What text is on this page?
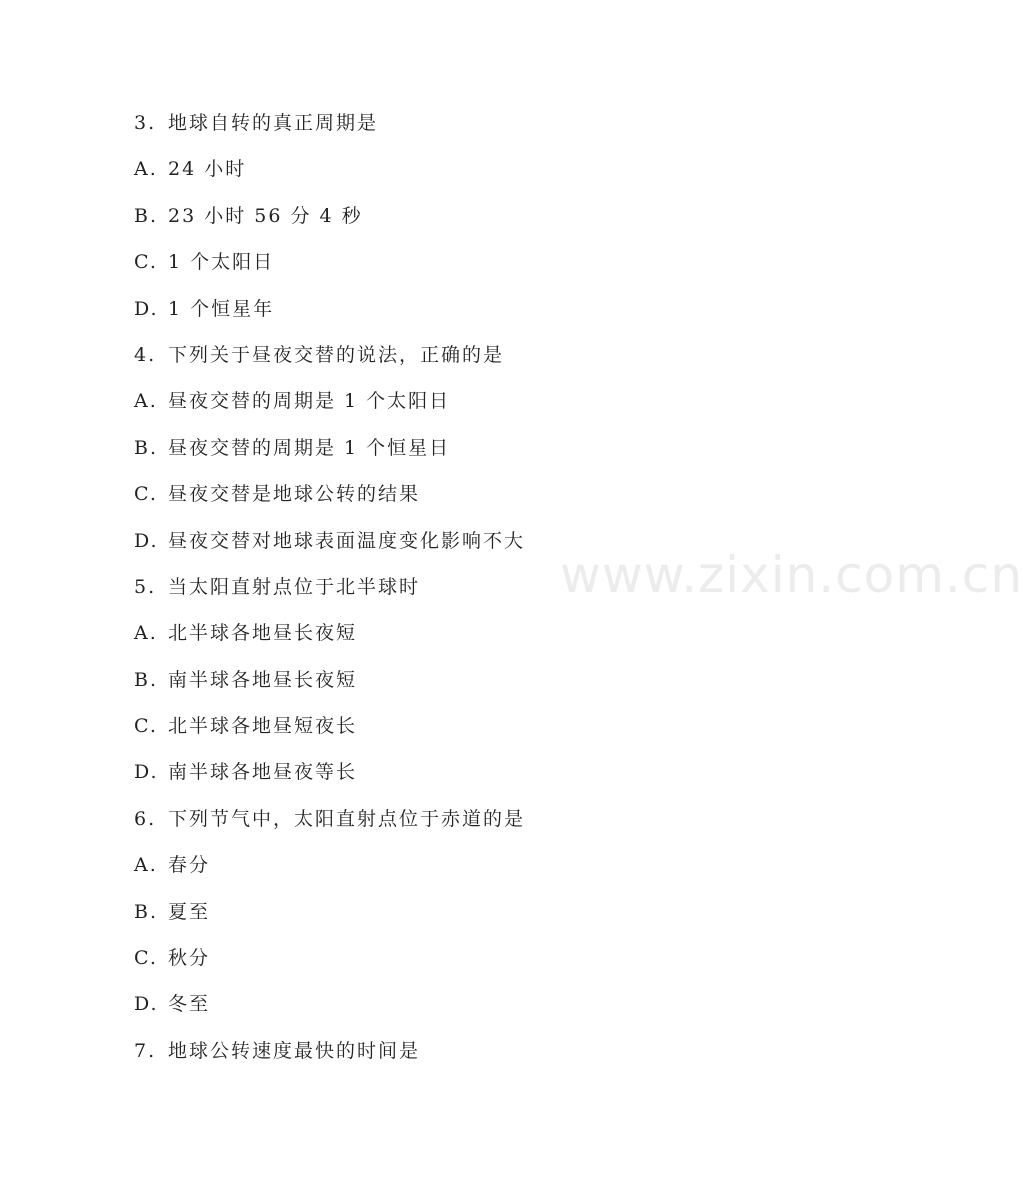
3. 地球自转的真正周期是
A. 24 小时
B. 23 小时 56 分 4 秒
C. 1 个太阳日
D. 1 个恒星年
4. 下列关于昼夜交替的说法，正确的是
A. 昼夜交替的周期是 1 个太阳日
B. 昼夜交替的周期是 1 个恒星日
C. 昼夜交替是地球公转的结果
D. 昼夜交替对地球表面温度变化影响不大
5. 当太阳直射点位于北半球时
A. 北半球各地昼长夜短
B. 南半球各地昼长夜短
C. 北半球各地昼短夜长
D. 南半球各地昼夜等长
6. 下列节气中，太阳直射点位于赤道的是
A. 春分
B. 夏至
C. 秋分
D. 冬至
7. 地球公转速度最快的时间是
www.zixin.com.cn
